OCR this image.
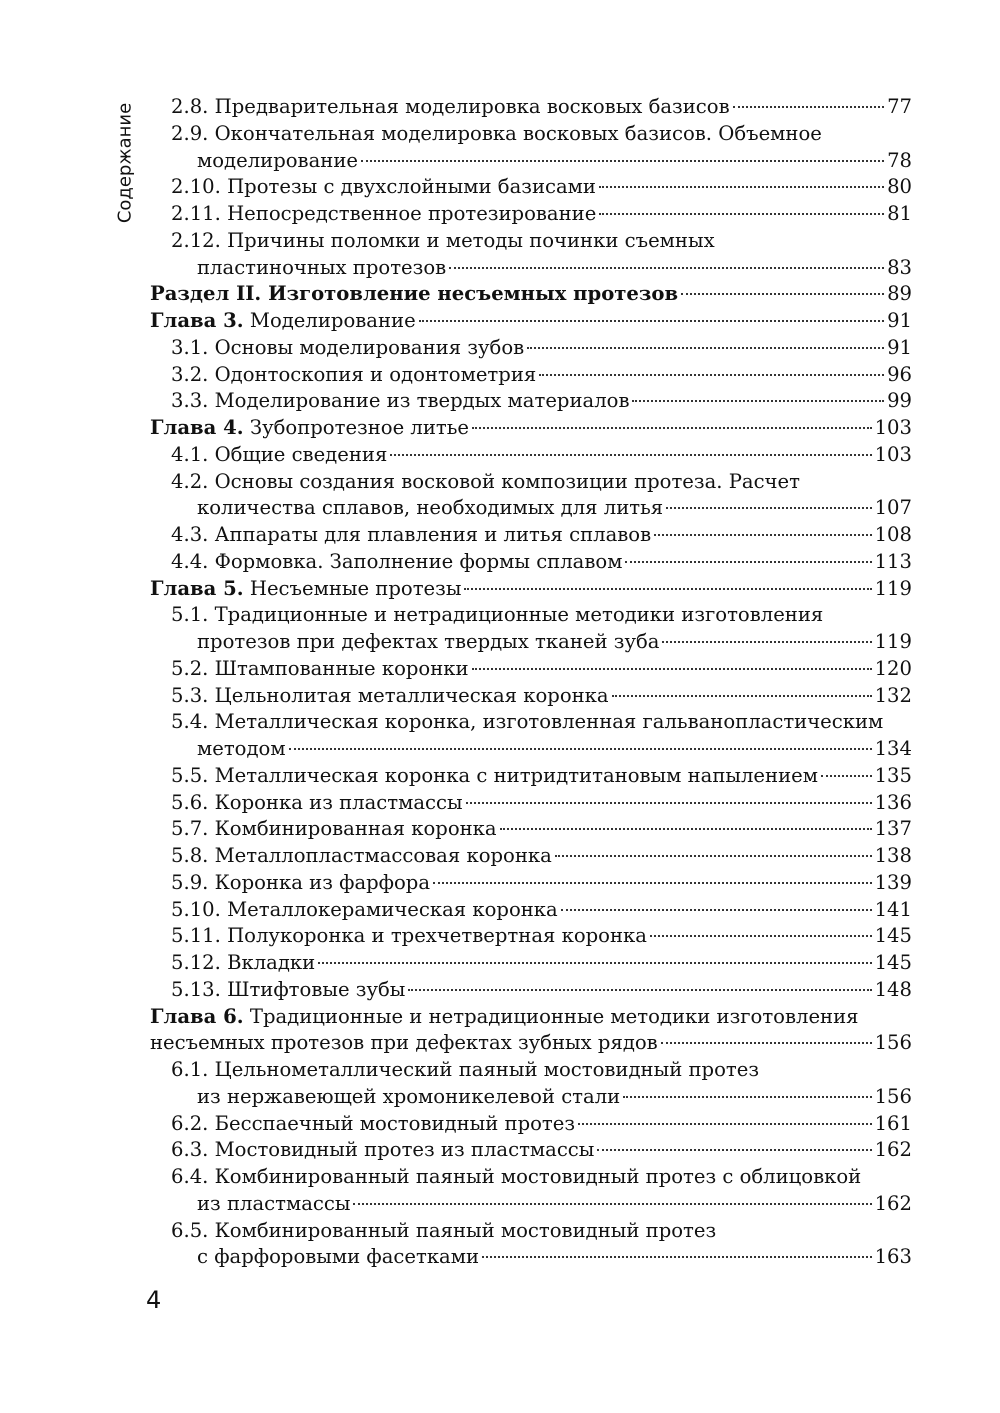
Содержание 2.8. Предварительная моделировка восковых базисов	77
2.9. Окончательная моделировка восковых базисов. Объемное
моделирование	78
2.10. Протезы с двухслойными базисами	80
2.11. Непосредственное протезирование	81
2.12. Причины поломки и методы починки съемных
пластиночных протезов	83
Раздел II. Изготовление несъемных протезов	89
Глава 3. Моделирование	91
3.1. Основы моделирования зубов	91
3.2. Одонтоскопия и одонтометрия	96
3.3. Моделирование из твердых материалов	99
Глава 4. Зубопротезное литье	103
4.1. Общие сведения	103
4.2. Основы создания восковой композиции протеза. Расчет
количества сплавов, необходимых для литья	107
4.3. Аппараты для плавления и литья сплавов	108
4.4. Формовка. Заполнение формы сплавом	113
Глава 5. Несъемные протезы	119
5.1. Традиционные и нетрадиционные методики изготовления
протезов при дефектах твердых тканей зуба	119
5.2. Штампованные коронки	120
5.3. Цельнолитая металлическая коронка	132
5.4. Металлическая коронка, изготовленная гальванопластическим
методом	134
5.5. Металлическая коронка с нитридтитановым напылением	135
5.6. Коронка из пластмассы	136
5.7. Комбинированная коронка	137
5.8. Металлопластмассовая коронка	138
5.9. Коронка из фарфора	139
5.10. Металлокерамическая коронка	141
5.11. Полукоронка и трехчетвертная коронка	145
5.12. Вкладки	145
5.13. Штифтовые зубы	148
Глава 6. Традиционные и нетрадиционные методики изготовления
несъемных протезов при дефектах зубных рядов	156
6.1. Цельнометаллический паяный мостовидный протез
из нержавеющей хромоникелевой стали	156
6.2. Бесспаечный мостовидный протез	161
6.3. Мостовидный протез из пластмассы	162
6.4. Комбинированный паяный мостовидный протез с облицовкой
из пластмассы	162
6.5. Комбинированный паяный мостовидный протез
с фарфоровыми фасетками	163
4
